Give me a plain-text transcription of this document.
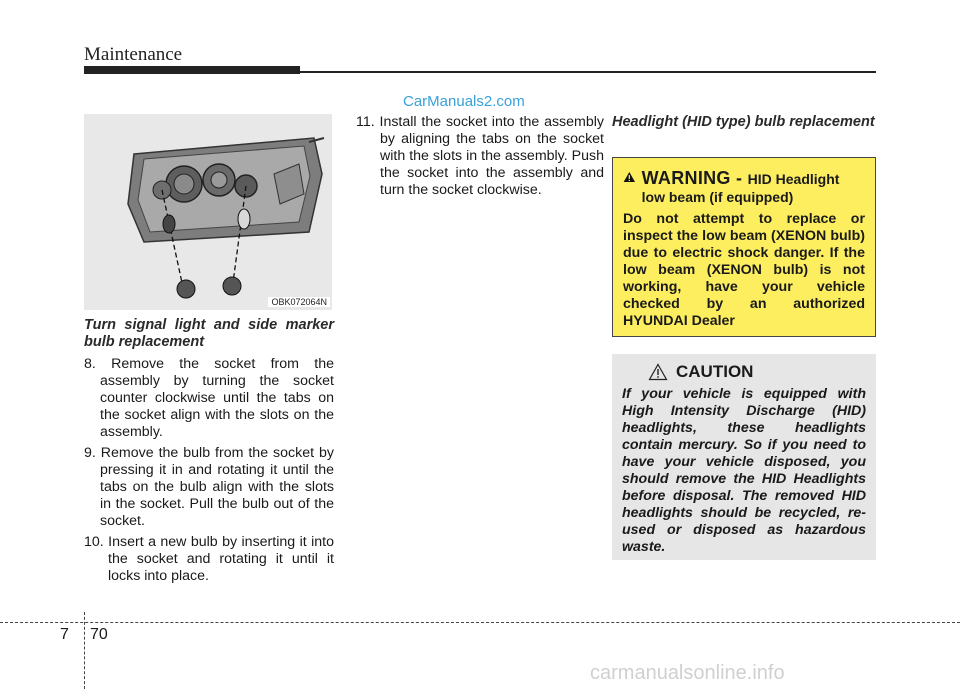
Maintenance
CarManuals2.com
OBK072064N
Turn signal light and side marker bulb replacement

8. Remove the socket from the assembly by turning the socket counter clockwise until the tabs on the socket align with the slots on the assembly.

9. Remove the bulb from the socket by pressing it in and rotating it until the tabs on the bulb align with the slots in the socket. Pull the bulb out of the socket.

10. Insert a new bulb by inserting it into the socket and rotating it until it locks into place.

11. Install the socket into the assembly by aligning the tabs on the socket with the slots in the assembly. Push the socket into the assembly and turn the socket clockwise.

Headlight (HID type) bulb replacement
WARNING - HID Headlight low beam (if equipped)
Do not attempt to replace or inspect the low beam (XENON bulb) due to electric shock danger. If the low beam (XENON bulb) is not working, have your vehicle checked by an authorized HYUNDAI Dealer
CAUTION
If your vehicle is equipped with High Intensity Discharge (HID) headlights, these headlights contain mercury. So if you need to have your vehicle disposed, you should remove the HID Headlights before disposal. The removed HID headlights should be recycled, re-used or disposed as hazardous waste.
7 70
carmanualsonline.info
